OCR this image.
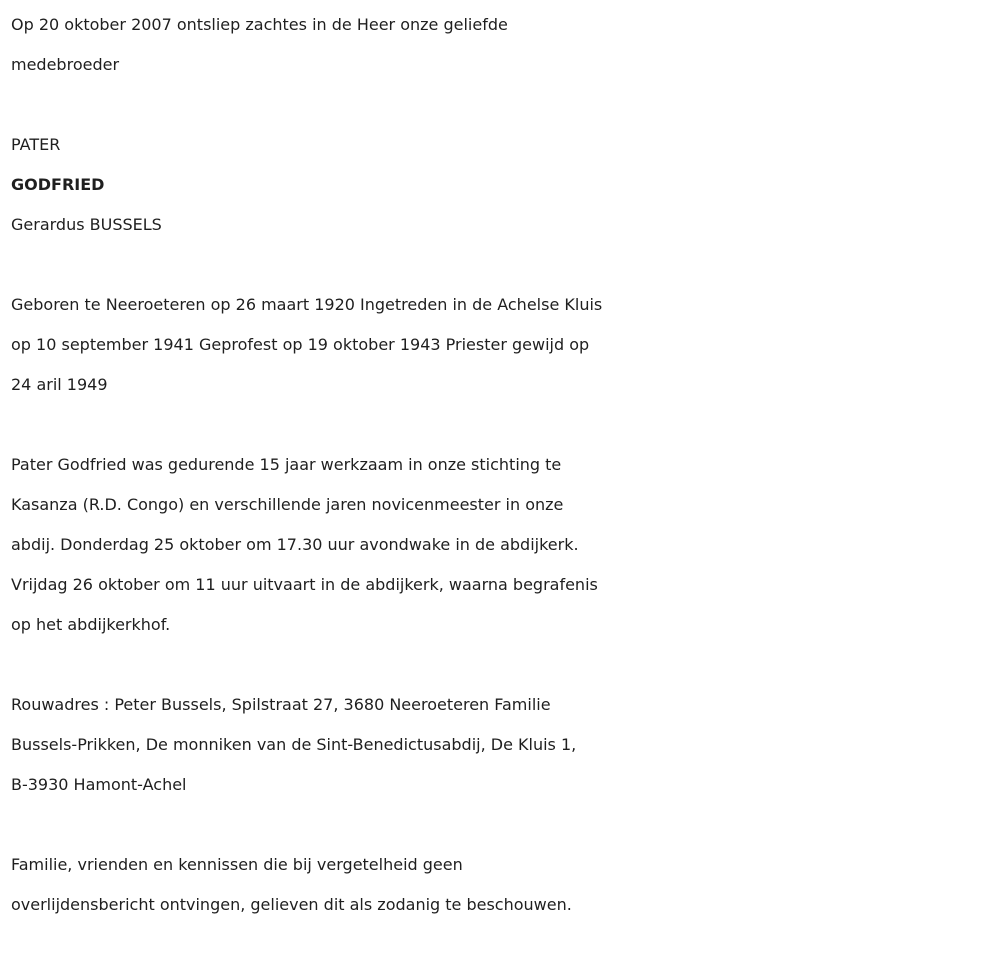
Op 20 oktober 2007 ontsliep zachtes in de Heer onze geliefde
medebroeder
PATER
GODFRIED
Gerardus BUSSELS
Geboren te Neeroeteren op 26 maart 1920 Ingetreden in de Achelse Kluis
op 10 september 1941 Geprofest op 19 oktober 1943 Priester gewijd op
24 aril 1949
Pater Godfried was gedurende 15 jaar werkzaam in onze stichting te
Kasanza (R.D. Congo) en verschillende jaren novicenmeester in onze
abdij. Donderdag 25 oktober om 17.30 uur avondwake in de abdijkerk.
Vrijdag 26 oktober om 11 uur uitvaart in de abdijkerk, waarna begrafenis
op het abdijkerkhof.
Rouwadres : Peter Bussels, Spilstraat 27, 3680 Neeroeteren Familie
Bussels-Prikken, De monniken van de Sint-Benedictusabdij, De Kluis 1,
B-3930 Hamont-Achel
Familie, vrienden en kennissen die bij vergetelheid geen
overlijdensbericht ontvingen, gelieven dit als zodanig te beschouwen.
